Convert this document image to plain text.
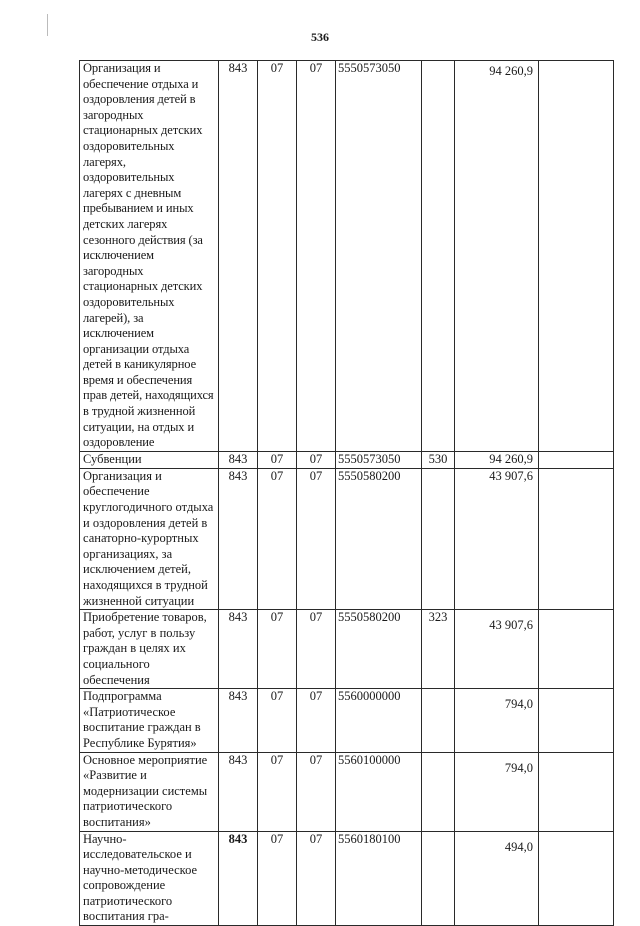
536
Организация и обеспечение отдыха и оздоровления детей в загородных стационарных детских оздоровительных лагерях, оздоровительных лагерях с дневным пребыванием и иных детских лагерях сезонного действия (за исключением загородных стационарных детских оздоровительных лагерей), за исключением организации отдыха детей в каникулярное время и обеспечения прав детей, находящихся в трудной жизненной ситуации, на отдых и оздоровление	843	07	07	5550573050		94 260,9	
Субвенции	843	07	07	5550573050	530	94 260,9	
Организация и обеспечение круглогодичного отдыха и оздоровления детей в санаторно-курортных организациях, за исключением детей, находящихся в трудной жизненной ситуации	843	07	07	5550580200		43 907,6	
Приобретение товаров, работ, услуг в пользу граждан в целях их социального обеспечения	843	07	07	5550580200	323	43 907,6	
Подпрограмма «Патриотическое воспитание граждан в Республике Бурятия»	843	07	07	5560000000		794,0	
Основное мероприятие «Развитие и модернизации системы патриотического воспитания»	843	07	07	5560100000		794,0	
Научно-исследовательское и научно-методическое сопровождение патриотического воспитания гра-	843	07	07	5560180100		494,0	
